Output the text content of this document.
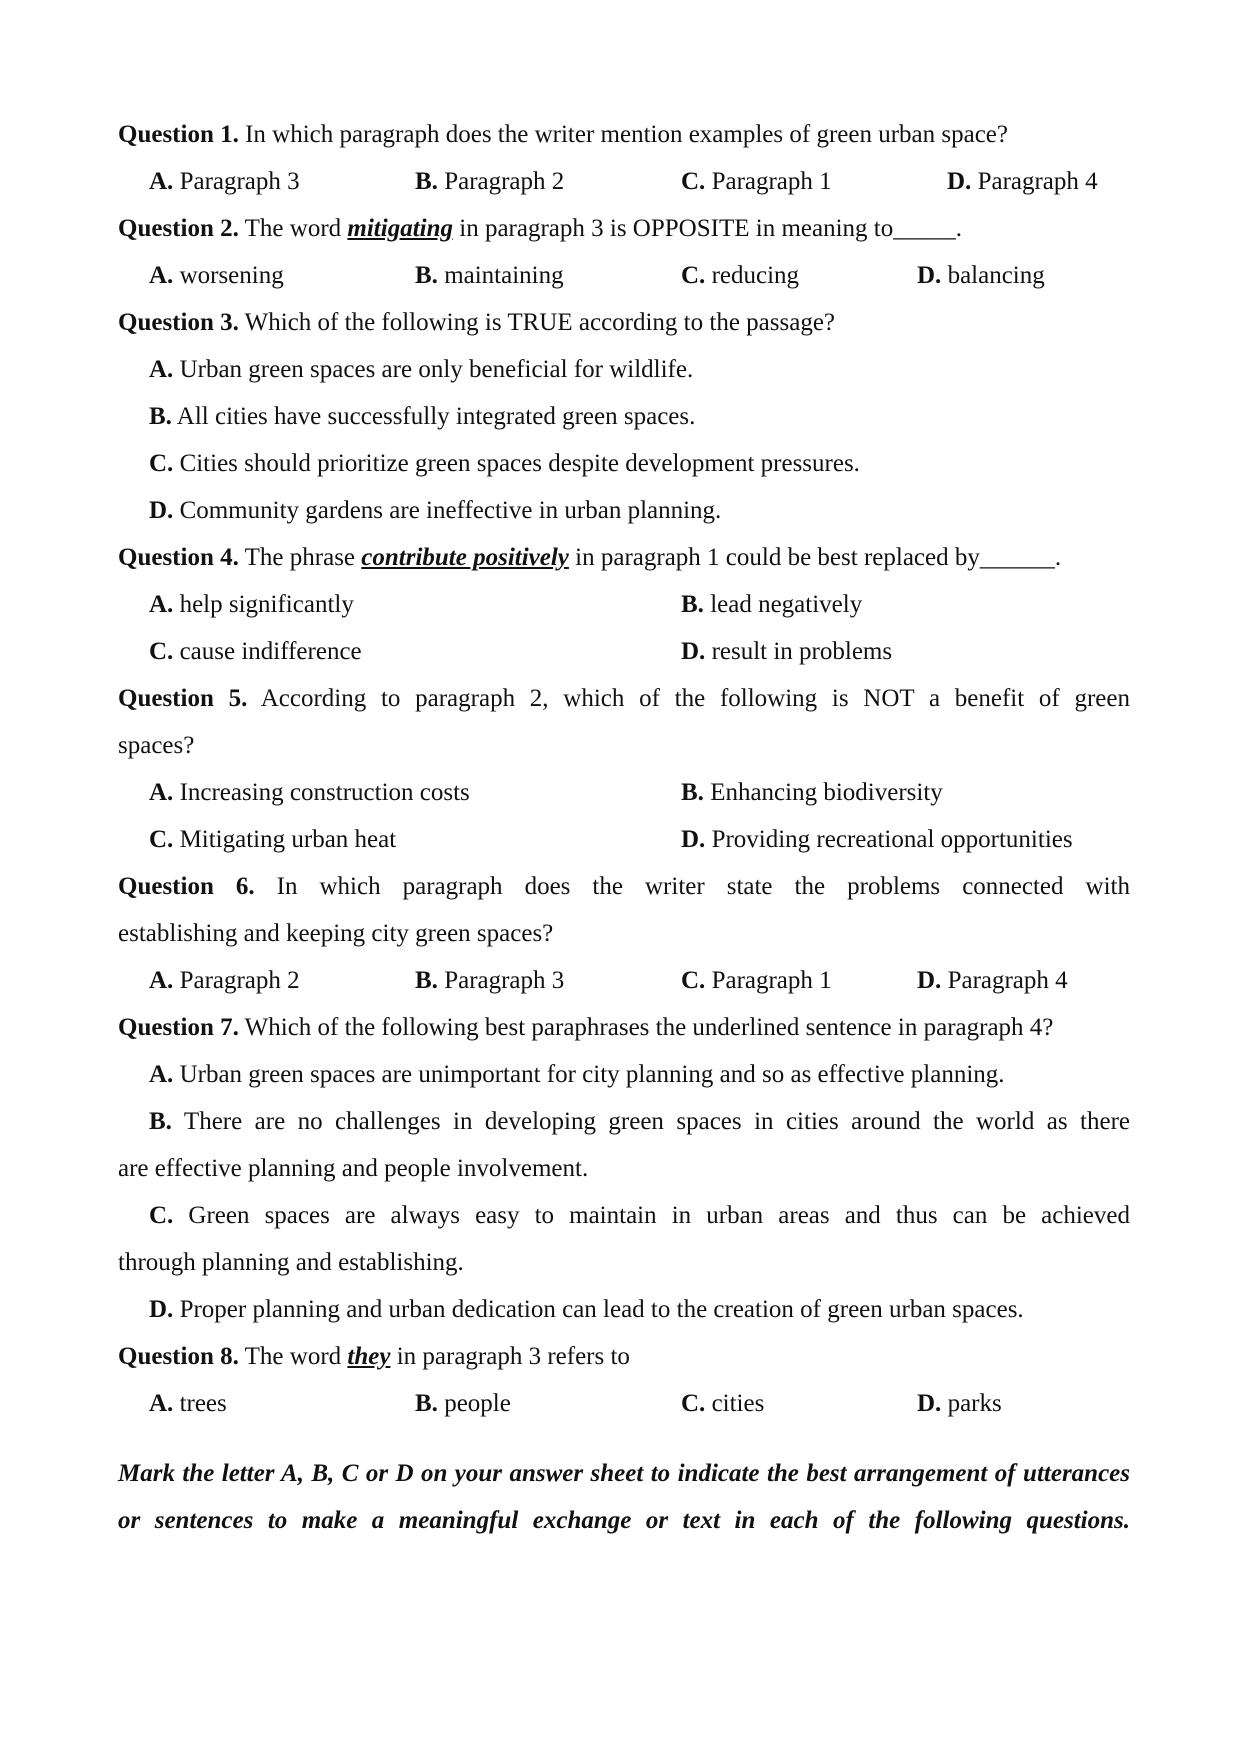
Question 1. In which paragraph does the writer mention examples of green urban space?
A. Paragraph 3	B. Paragraph 2	C. Paragraph 1	D. Paragraph 4
Question 2. The word mitigating in paragraph 3 is OPPOSITE in meaning to_____.
A. worsening	B. maintaining	C. reducing	D. balancing
Question 3. Which of the following is TRUE according to the passage?
A. Urban green spaces are only beneficial for wildlife.
B. All cities have successfully integrated green spaces.
C. Cities should prioritize green spaces despite development pressures.
D. Community gardens are ineffective in urban planning.
Question 4. The phrase contribute positively in paragraph 1 could be best replaced by______.
A. help significantly	B. lead negatively
C. cause indifference	D. result in problems
Question 5. According to paragraph 2, which of the following is NOT a benefit of green
spaces?
A. Increasing construction costs	B. Enhancing biodiversity
C. Mitigating urban heat	D. Providing recreational opportunities
Question 6. In which paragraph does the writer state the problems connected with
establishing and keeping city green spaces?
A. Paragraph 2	B. Paragraph 3	C. Paragraph 1	D. Paragraph 4
Question 7. Which of the following best paraphrases the underlined sentence in paragraph 4?
A. Urban green spaces are unimportant for city planning and so as effective planning.
B. There are no challenges in developing green spaces in cities around the world as there
are effective planning and people involvement.
C. Green spaces are always easy to maintain in urban areas and thus can be achieved
through planning and establishing.
D. Proper planning and urban dedication can lead to the creation of green urban spaces.
Question 8. The word they in paragraph 3 refers to
A. trees	B. people	C. cities	D. parks
Mark the letter A, B, C or D on your answer sheet to indicate the best arrangement of utterances or sentences to make a meaningful exchange or text in each of the following questions.
